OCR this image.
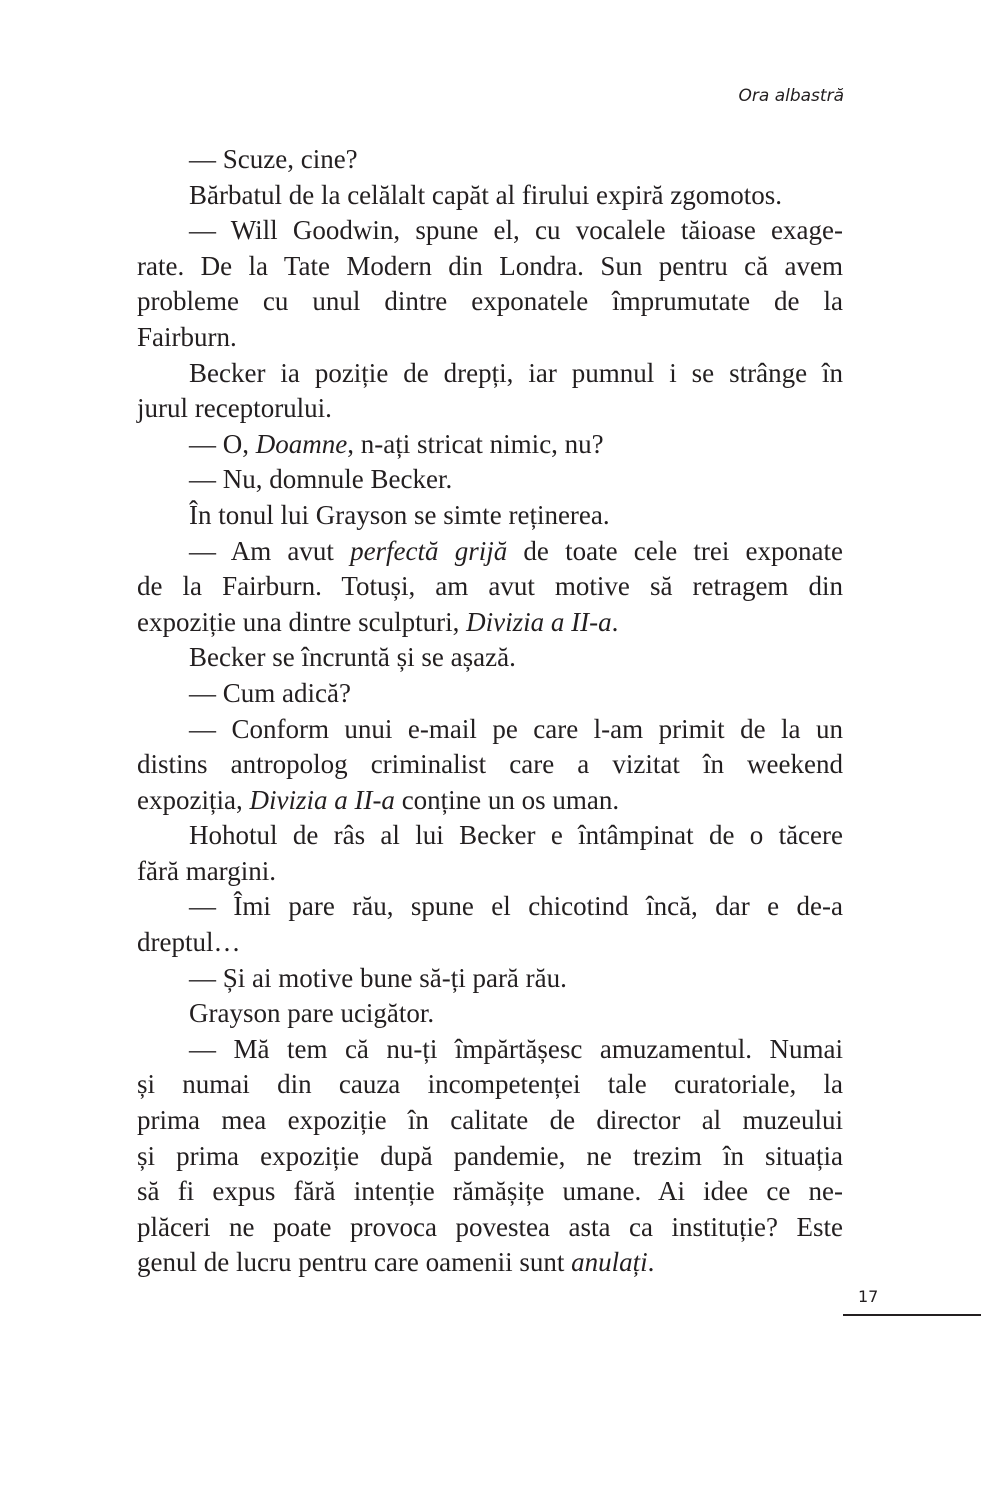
Ora albastră
— Scuze, cine?
Bărbatul de la celălalt capăt al firului expiră zgomotos.
— Will Goodwin, spune el, cu vocalele tăioase exage-
rate. De la Tate Modern din Londra. Sun pentru că avem
probleme cu unul dintre exponatele împrumutate de la
Fairburn.
Becker ia poziție de drepți, iar pumnul i se strânge în
jurul receptorului.
— O, Doamne, n-ați stricat nimic, nu?
— Nu, domnule Becker.
În tonul lui Grayson se simte reținerea.
— Am avut perfectă grijă de toate cele trei exponate
de la Fairburn. Totuși, am avut motive să retragem din
expoziție una dintre sculpturi, Divizia a II-a.
Becker se încruntă și se așază.
— Cum adică?
— Conform unui e-mail pe care l-am primit de la un
distins antropolog criminalist care a vizitat în weekend
expoziția, Divizia a II-a conține un os uman.
Hohotul de râs al lui Becker e întâmpinat de o tăcere
fără margini.
— Îmi pare rău, spune el chicotind încă, dar e de-a
dreptul…
— Și ai motive bune să-ți pară rău.
Grayson pare ucigător.
— Mă tem că nu-ți împărtășesc amuzamentul. Numai
și numai din cauza incompetenței tale curatoriale, la
prima mea expoziție în calitate de director al muzeului
și prima expoziție după pandemie, ne trezim în situația
să fi expus fără intenție rămășițe umane. Ai idee ce ne-
plăceri ne poate provoca povestea asta ca instituție? Este
genul de lucru pentru care oamenii sunt anulați.
17
